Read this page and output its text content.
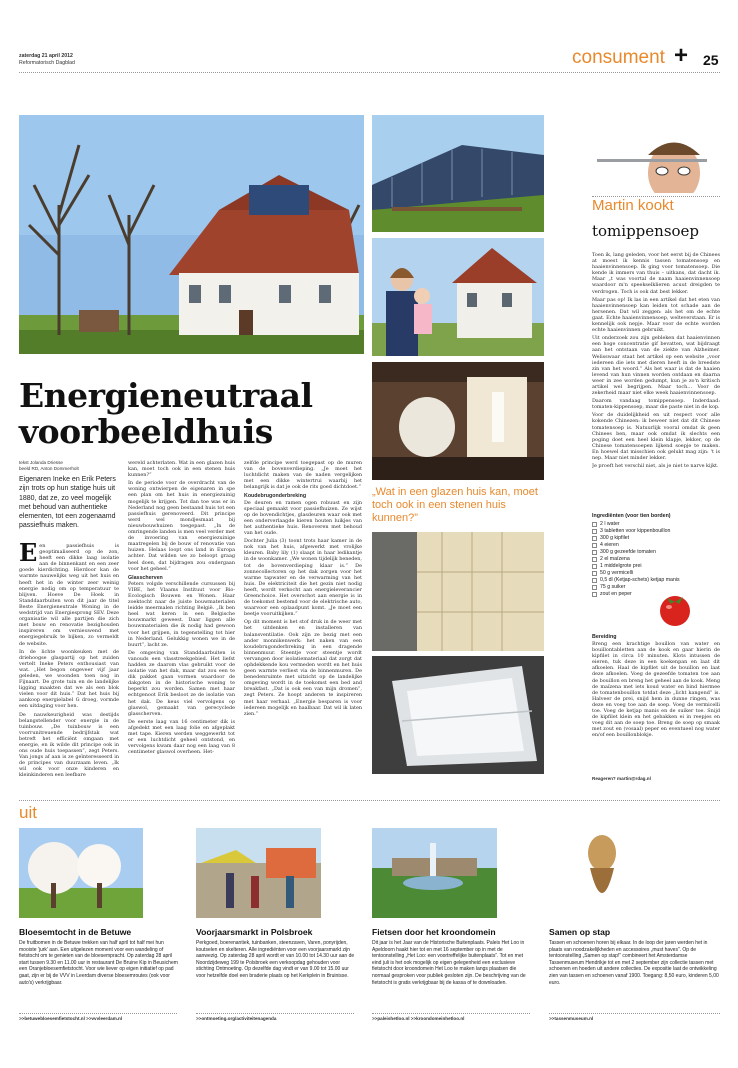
zaterdag 21 april 2012
Reformatorisch Dagblad	consument + 25
„Wat in een glazen huis kan, moet toch ook in een stenen huis kunnen?”
Energieneutraal
voorbeeldhuis
tekst Jolanda Driesse
beeld RD, Anton Dommerholt
Eigenaren Ineke en Erik Peters zijn trots op hun statige huis uit 1880, dat ze, zo veel mogelijk met behoud van authentieke elementen, tot een zogenaamd passiefhuis maken.

Een passiefhuis is geoptimaliseerd op de zon, heeft een dikke laag isolatie aan de binnenkant en een zeer goede kierdichting. Hierdoor kan de warmte nauwelijks weg uit het huis en heeft het in de winter zeer weinig energie nodig om op temperatuur te blijven. Hoeve De Hoek in Standdaarbuiten won dit jaar de titel Beste Energieneutrale Woning in de wedstrijd van Energiesprong SEV. Deze organisatie wil alle partijen die zich met bouw en renovatie bezighouden inspireren om vernieuwend met energiegebruik te bijken, zo vermeldt de website.

In de lichte woonkeuken met de driehoogse glaspartij op het zuiden vertelt Ineke Peters enthousiast van wat. „Het begon ongeveer vijf jaar geleden, we woonden toen nog in Fijnaart. De grote tuin en de landelijke ligging maakten dat we als een blok vielen voor dit huis.” Dat het huis bij aankoop energielabel G droeg, vormde een uitdaging voor hen.

De nauwkeurigheid was destijds belangstellender voor energie in de tuinbouw. „De tuinbouw is een voorrunitreuende bedrijfstak wat betreft het efficiënt omgaan met energie, en ik wilde dit principe ook in ons oude huis toepassen”, zegt Peters. Van jongs af aan is ze geïnteresseerd in de principes van duurzaam leven. „Ik wil ook voor onze kinderen en kleinkinderen een leefbare

wereld achterlaten. Wat in een glazen huis kan, moet toch ook in een stenen huis kunnen?”

In de periode voor de overdracht van de woning ontwierpen de eigenaren in spe een plan om het huis in energiezuinig mogelijk te krijgen. Tot dan toe was er in Nederland nog geen bestaand huis tot een passiefhuis gerenoveerd. Dit principe werd wel mondjesmaat bij nieuwbouwhuizen toegepast. „In de omringende landen is men veel verder met de invoering van energiezuinige maatregelen bij de bouw of renovatie van huizen. Helaas loopt ons land in Europa achter. Dat wilden we zo beloopt graag heel doen, dat bijdragen zou ondergaan voor het geheel.”

Glasscherven

Peters volgde verschillende cursussen bij VIBE, het Vlaams Instituut voor Bio-Ecologisch Bouwen en Wonen. Haar zoektocht naar de juiste bouwmaterialen leidde meermalen richting België. „Ik ben heel wat keren in een Belgische bouwmarkt geweest. Daar liggen alle bouwmaterialen die ik nodig had gewoon voor het grijpen, in tegenstelling tot hier in Nederland. Gelukkig wonen we in de buurt”, lacht ze.

De omgeving van Standdaarbuiten is vanouds een vlasstreekgebied. Het liefst hadden ze daarom vlas gebruikt voor de isolatie van het dak, maar dat zou een te dik pakket gaan vormen waardoor de dakgoten in de historische woning te beperkt zou worden. Samen met haar echtgenoot Erik besloot ze de isolatie van het dak. De keus viel vervolgens op glaswol, gemaakt van gerecyclede glasscherven.

De eerste laag van 16 centimeter dik is afgedekt met een laag folie en afgeplakt met tape. Kieren werden weggewerkt tot er een luchtdicht geheel ontstond, en vervolgens kwam daar nog een laag van 8 centimeter glaswol overheen. Het-

zelfde principe werd toegepast op de muren van de bovenverdieping. „Je moet het luchtdicht maken van de naden vergelijken met een dikke wintertrui waarbij het belangrijk is dat je ook de rits goed dichtdoet.”

Koudebrugonderbreking

De deuren en ramen ogen robuust en zijn speciaal gemaakt voor passiefhuizen. Ze wijst op de bovendichtjes, glasdeuren waar ook met een onderverlaagde kieren houten luikjes van het authentieke huis. Renoveren met behoud van het oude.

Dochter Julia (3) toont trots haar kamer in de nok van het huis, afgewerkt met vrolijke kleuren. Baby lily (1) slaapt in haar ledikantje in de woonkamer. „We wonen tijdelijk beneden, tot de bovenverdieping klaar is.” De zonnecollectoren op het dak zorgen voor het warme tapwater en de verwarming van het huis. De elektriciteit die het gezin niet nodig heeft, wordt verkocht aan energieleverancier Greenchoice. Het overschot aan energie is in de toekomst bestemd voor de elektrische auto, waarvoor een oplaadpunt komt. „Je moet een beetje vooruitkijken.”

Op dit moment is het stof druk in de weer met het uitdenken en installeren van balansventilatie. Ook zijn ze bezig met een ander monnikenwerk: het naken van een koudebrugonderbreking in een dragende binnenmuur. Steentje voor steentje wordt vervangen door isolatiemateriaal dat zorgt dat ophdekkende kou vermeden wordt en het huis geen warmte verliest via de binnenmuren. De benedenruimte met uitzicht op de landelijke omgeving wordt in de toekomst een bed and breakfast. „Dat is ook een van mijn dromen”, zegt Peters. Ze hoopt anderen te inspireren met haar verhaal. „Energie besparen is voor iedereen mogelijk en haalbaar. Dat wil ik laten zien.”

Martin kookt
tomippensoep

Toen ik, lang geleden, voor het eerst bij de Chinees at moest ik kennis tassen tomatensoep en haaienvinnensoep. Ik ging voor tomatensoep. Die kende ik immers van thuis – uitkans, dat dacht ik. Maar „t was voortal de naam haaienvinnensoep waardoor m'n speekselklieren acuut dreigden te verdrogen. Toch is ook dat best lekker.

Maar pas op! Ik las in een artikel dat het eten van haaienvinnensoep kan leiden tot schade aan de hersenen. Dat wil zeggen: als het om de echte gaat. Echte haaienvinnensoep, welteverstaan. Er is kennelijk ook nepje. Maar voor de echte worden echte haaienvinnen gebruikt.

Uit onderzoek zou zijn gebleken dat haaienvinnen een hoge concentratie gif bevatten, wat bijdraagt aan het ontstaan van de ziekte van Alzheimer. Welisswaar staat het artikel op een website „voor iedereen die iets met dieren heeft in de breedste zin van het woord.” Als het waar is dat de haaien levend van hun vinnen worden ontdaan en daarna weer in zee worden gedumpt, kun je zo'n kritisch artikel wel begrijpen. Maar toch… Voor de zekerheid maar niet elke week haaienvinnensoep.

Daarom vandaag tomippensoep. Inderdaad: tomaten-kippensoep, maar die paste niet in de kop.

Voor de duidelijkheid en uit respect voor alle kokende Chinezen: ik beweer niet dat dit Chinese tomatensoep is. Natuurlijk vooral omdat ik geen Chinees ben, maar ook omdat ik slechts een poging doet een heel klein klapje, lekker, op de Chinese tomatensoepen lijkend soepje te maken. En hoewel dat misschien ook gelukt mag zijn: 't is nep. Maar niet minder lekker.

Je proeft het verschil niet, als je niet te narve kijkt.

Ingrediënten (voor tien borden)
2 l water
3 tabletten voor kippenbouillon
300 g kipfilet
4 eieren
300 g gezeefde tomaten
2 el maïzena
1 middelgrote prei
50 g vermicelli
0,5 dl (Ketjap-schets) ketjap manis
75 g suiker
zout en peper
Bereiding
Breng een krachtige bouillon van water en bouillontabletten aan de kook en gaar hierin de kipfilet in circa 10 minuten. Klots intussen de eieren, tuk deze in een koekenpan en laat dit afkoelen. Haal de kipfilet uit de bouillon en laat deze afkoelen. Voeg de gezeefde tomaten toe aan de bouillon en breng het geheel aan de kook. Meng de maïzena met iets koud water en bind hiermee de tomatenbouillon totdat deze „licht kangend” is. Halveer de prei, snijd hem in dunne ringen, was deze en voeg toe aan de soep. Voeg de vermicelli toe. Voeg de ketjap manis en de suiker toe. Snijd de kipfilet klein en het gebakken ei in reepjes en voeg dit aan de soep toe. Breng de soep op smaak met zout en (vosaal) peper en eventueel nog water en/of een bouillonblokje.
Reageren? martin@rdag.nl
uit
Bloesemtocht in de Betuwe
De fruitbomen in de Betuwe trekken van half april tot half mei hun mooiste 'jurk' aan. Een uitgelezen moment voor een wandeling of fietstocht om te genieten van de bloesempracht. Op zaterdag 28 april start tussen 9.30 en 11.00 uur in restaurant De Bruine Kip in Beusichem een Oranjebloesemfietstocht. Voor wie liever op eigen initiatief op pad gaat, zijn er bij de VVV in Leerdam diverse bloesemroutes (ook voor auto's) verkrijgbaar.
Voorjaarsmarkt in Polsbroek
Perkgoed, boerenantiek, tuinbanken, steenzaven, Varen, ponyrijden, koutselen en skelteren. Alle ingrediënten voor een voorjaarsmarkt zijn aanwezig. Op zaterdag 28 april wordt er van 10.00 tot 14.30 uur aan de Noordzijdeweg 199 te Polsbroek een verkoopdag gehouden voor stichting Ontmoeting. Op dezelfde dag vindt er van 9.00 tot 15.00 uur voor hetzelfde doel een braderie plaats op het Kerkplein in Bruinisse.
Fietsen door het kroondomein
Dit jaar is het Jaar van de Historische Buitenplaats. Paleis Het Loo in Apeldoorn haakt hier tot en met 16 september op in met de tentoonstelling „Het Loo: een voortreffelijke buitenplaats”. Tot en met eind juli is het ook mogelijk op eigen gelegenheid een exclusieve fietstocht door kroondomein Het Loo te maken langs plaatsen die normaal gesproken voor publiek gesloten zijn. De beschrijving van de fietstocht is gratis verkrijgbaar bij de kassa of te downloaden.
Samen op stap
Tassen en schoenen horen bij elkaar. In de loop der jaren werden het in plaats van noodzakelijkheden en accessoires „must haves”. Op de tentoonstelling „Samen op stap!” combineert het Amsterdamse Tassenmuseum Hendrikje tot en met 2 september zijn collectie tassen met schoenen en hoeden uit andere collecties. De expositie laat de ontwikkeling zien van tassen en schoenen vanaf 1900. Toegang: 8,50 euro, kinderen 5,00 euro.
>>betuwebloesemfietstocht.nl >>vvvleerdam.nl	>>ontmoeting.org/activiteitenagenda	>>paleishetloo.nl >>kroondomeinhetloo.nl	>>tassenmuseum.nl
